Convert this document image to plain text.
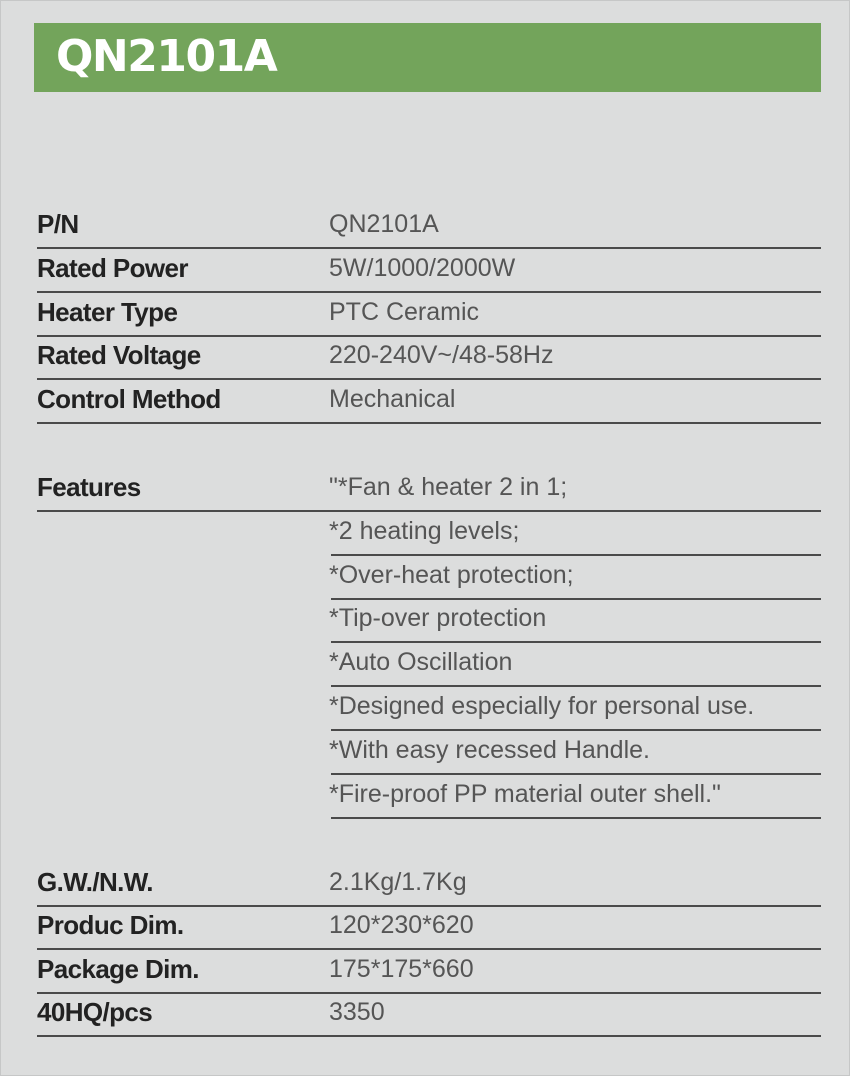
QN2101A
P/N	QN2101A
Rated Power	5W/1000/2000W
Heater Type	PTC Ceramic
Rated Voltage	220-240V~/48-58Hz
Control Method	Mechanical
Features	"*Fan & heater 2 in 1;
*2 heating levels;
*Over-heat protection;
*Tip-over protection
*Auto Oscillation
*Designed especially for personal use.
*With easy recessed Handle.
*Fire-proof PP material outer shell."
G.W./N.W.	2.1Kg/1.7Kg
Produc Dim.	120*230*620
Package Dim.	175*175*660
40HQ/pcs	3350
